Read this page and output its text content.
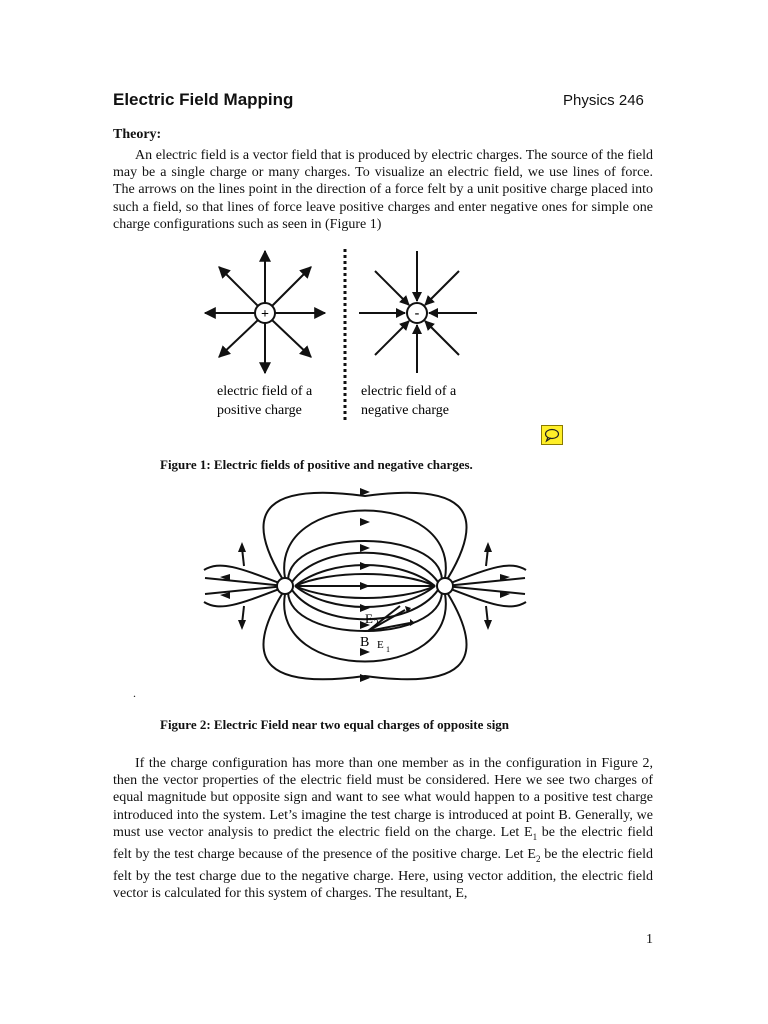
Electric Field Mapping	Physics 246
Theory:
An electric field is a vector field that is produced by electric charges. The source of the field may be a single charge or many charges. To visualize an electric field, we use lines of force. The arrows on the lines point in the direction of a force felt by a unit positive charge placed into such a field, so that lines of force leave positive charges and enter negative ones for simple one charge configurations such as seen in (Figure 1)
+	-
electric field of a
positive charge
electric field of a
negative charge
Figure 1: Electric fields of positive and negative charges.
E 2
B E 1
.
Figure 2: Electric Field near two equal charges of opposite sign
If the charge configuration has more than one member as in the configuration in Figure 2, then the vector properties of the electric field must be considered. Here we see two charges of equal magnitude but opposite sign and want to see what would happen to a positive test charge introduced into the system. Let’s imagine the test charge is introduced at point B. Generally, we must use vector analysis to predict the electric field on the charge. Let $E_1$ be the electric field felt by the test charge because of the presence of the positive charge. Let $E_2$ be the electric field felt by the test charge due to the negative charge. Here, using vector addition, the electric field vector is calculated for this system of charges. The resultant, E,
1
